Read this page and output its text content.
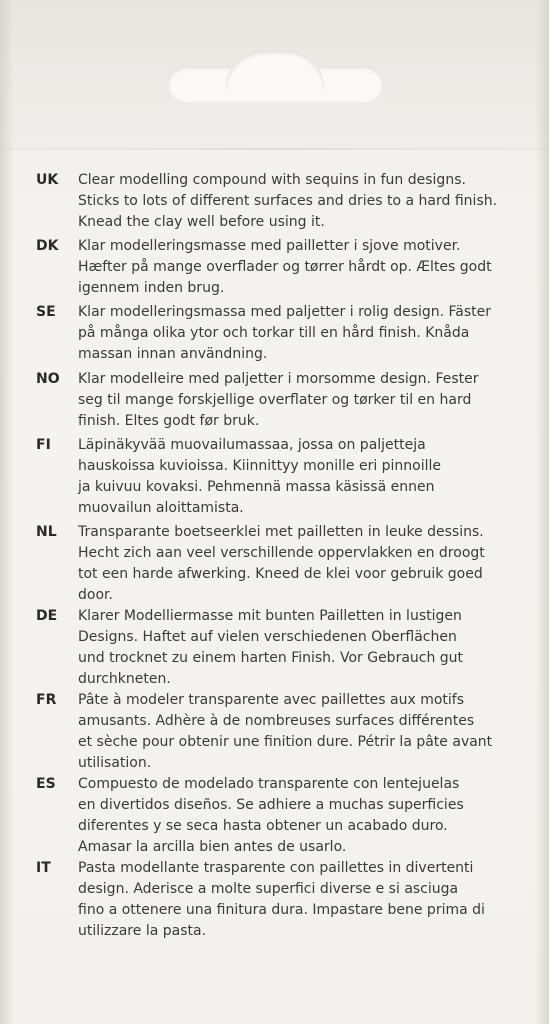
UK	Clear modelling compound with sequins in fun designs.
Sticks to lots of different surfaces and dries to a hard finish.
Knead the clay well before using it.
DK	Klar modelleringsmasse med pailletter i sjove motiver.
Hæfter på mange overflader og tørrer hårdt op. Æltes godt
igennem inden brug.
SE	Klar modelleringsmassa med paljetter i rolig design. Fäster
på många olika ytor och torkar till en hård finish. Knåda
massan innan användning.
NO	Klar modelleire med paljetter i morsomme design. Fester
seg til mange forskjellige overflater og tørker til en hard
finish. Eltes godt før bruk.
FI	Läpinäkyvää muovailumassaa, jossa on paljetteja
hauskoissa kuvioissa. Kiinnittyy monille eri pinnoille
ja kuivuu kovaksi. Pehmennä massa käsissä ennen
muovailun aloittamista.
NL	Transparante boetseerklei met pailletten in leuke dessins.
Hecht zich aan veel verschillende oppervlakken en droogt
tot een harde afwerking. Kneed de klei voor gebruik goed
door.
DE	Klarer Modelliermasse mit bunten Pailletten in lustigen
Designs. Haftet auf vielen verschiedenen Oberflächen
und trocknet zu einem harten Finish. Vor Gebrauch gut
durchkneten.
FR	Pâte à modeler transparente avec paillettes aux motifs
amusants. Adhère à de nombreuses surfaces différentes
et sèche pour obtenir une finition dure. Pétrir la pâte avant
utilisation.
ES	Compuesto de modelado transparente con lentejuelas
en divertidos diseños. Se adhiere a muchas superficies
diferentes y se seca hasta obtener un acabado duro.
Amasar la arcilla bien antes de usarlo.
IT	Pasta modellante trasparente con paillettes in divertenti
design. Aderisce a molte superfici diverse e si asciuga
fino a ottenere una finitura dura. Impastare bene prima di
utilizzare la pasta.
